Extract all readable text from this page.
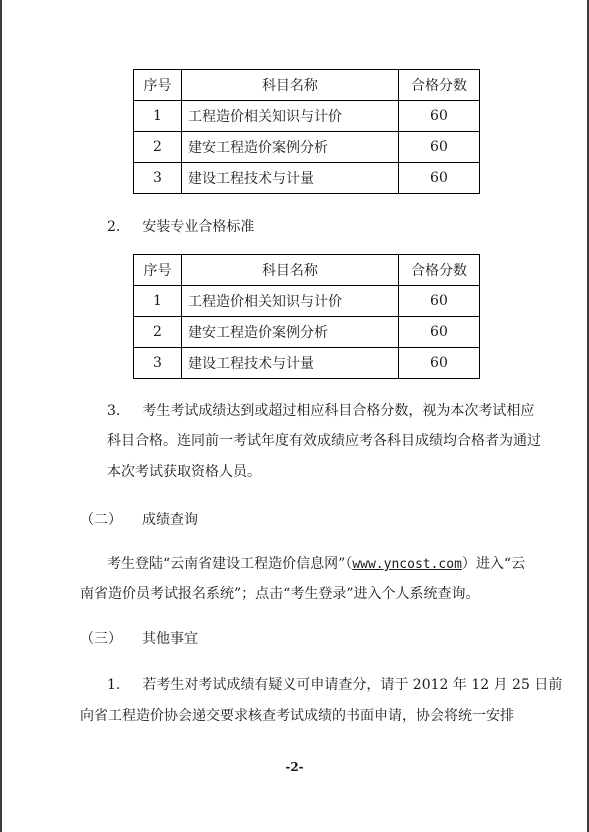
序号	科目名称	合格分数
1	工程造价相关知识与计价	60
2	建安工程造价案例分析	60
3	建设工程技术与计量	60
2. 安装专业合格标准
序号	科目名称	合格分数
1	工程造价相关知识与计价	60
2	建安工程造价案例分析	60
3	建设工程技术与计量	60
3. 考生考试成绩达到或超过相应科目合格分数，视为本次考试相应
科目合格。连同前一考试年度有效成绩应考各科目成绩均合格者为通过
本次考试获取资格人员。
（二） 成绩查询
考生登陆“云南省建设工程造价信息网”（www.yncost.com）进入“云
南省造价员考试报名系统”；点击“考生登录”进入个人系统查询。
（三） 其他事宜
1. 若考生对考试成绩有疑义可申请查分，请于 2012 年 12 月 25 日前
向省工程造价协会递交要求核查考试成绩的书面申请，协会将统一安排
-2-
